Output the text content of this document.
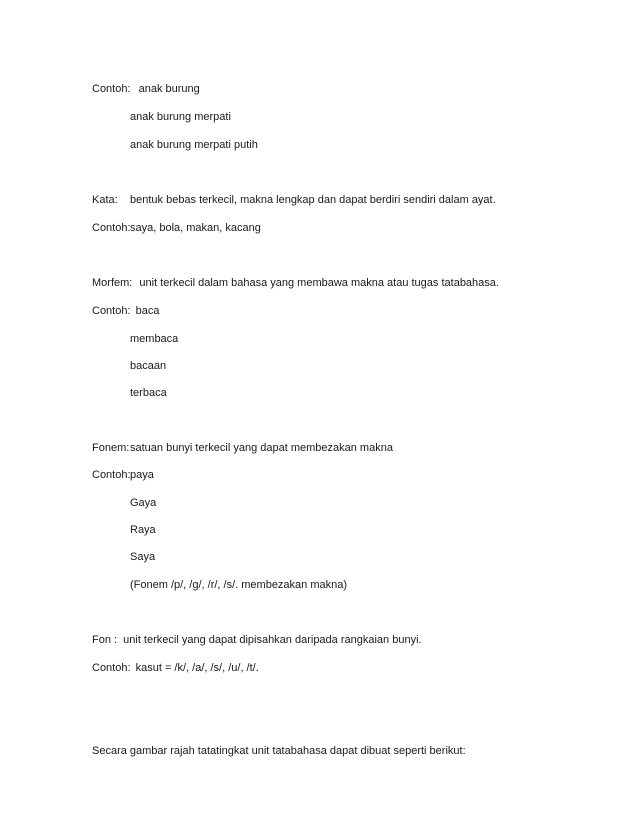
Contoh: anak burung
anak burung merpati
anak burung merpati putih
Kata: bentuk bebas terkecil, makna lengkap dan dapat berdiri sendiri dalam ayat.
Contoh: saya, bola, makan, kacang
Morfem: unit terkecil dalam bahasa yang membawa makna atau tugas tatabahasa.
Contoh: baca
membaca
bacaan
terbaca
Fonem: satuan bunyi terkecil yang dapat membezakan makna
Contoh: paya
Gaya
Raya
Saya
(Fonem /p/, /g/, /r/, /s/. membezakan makna)
Fon : unit terkecil yang dapat dipisahkan daripada rangkaian bunyi.
Contoh: kasut = /k/, /a/, /s/, /u/, /t/.
Secara gambar rajah tatatingkat unit tatabahasa dapat dibuat seperti berikut:
